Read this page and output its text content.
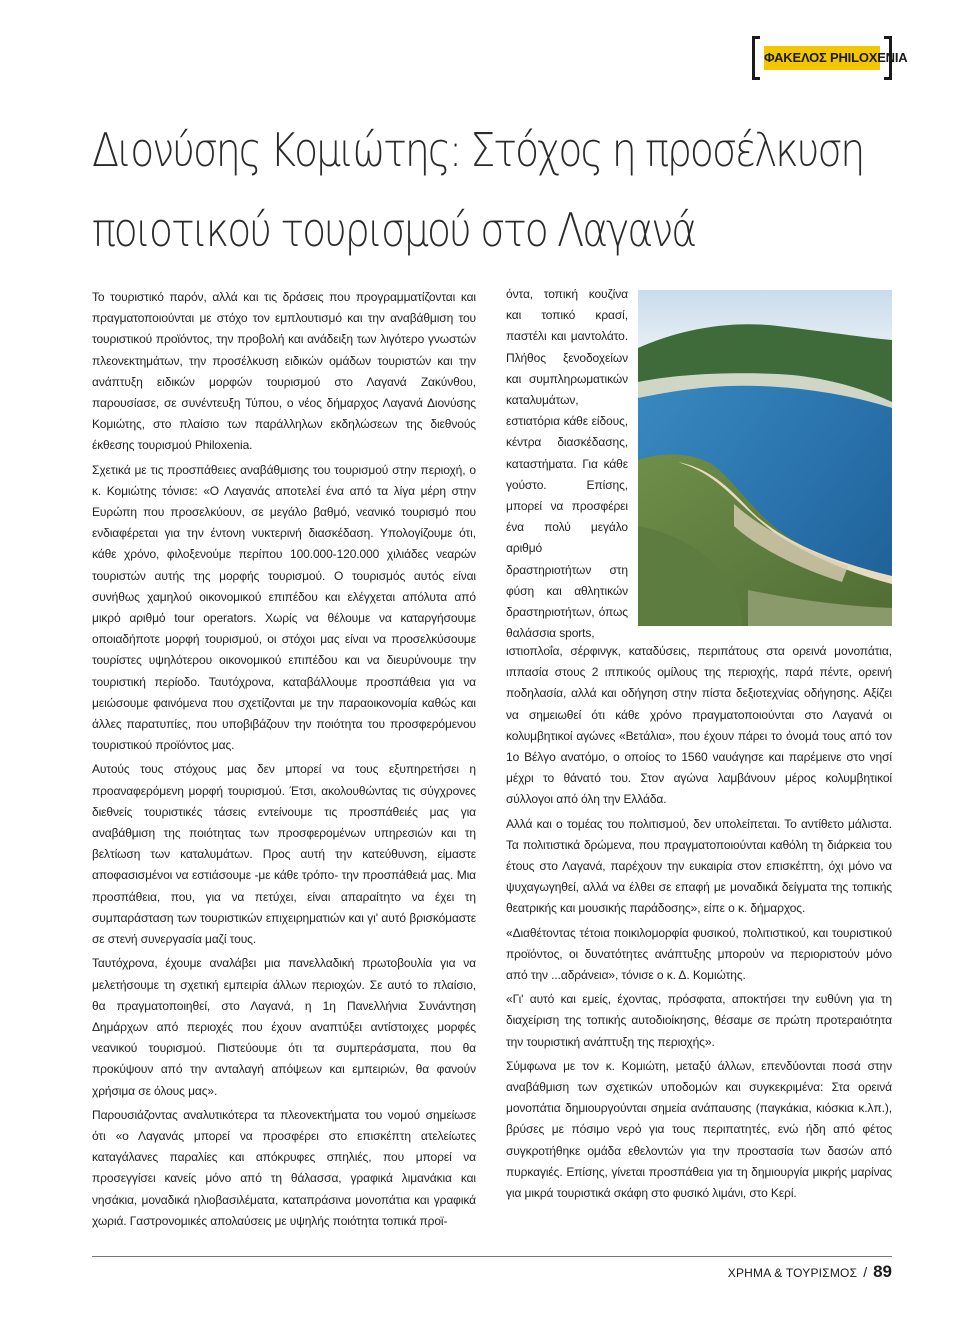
ΦΑΚΕΛΟΣ PHILOXENIA
Διονύσης Κομιώτης: Στόχος η προσέλκυση
ποιοτικού τουρισμού στο Λαγανά

Το τουριστικό παρόν, αλλά και τις δράσεις που προγραμματίζονται και πραγματοποιούνται με στόχο τον εμπλουτισμό και την αναβάθμιση του τουριστικού προϊόντος, την προβολή και ανάδειξη των λιγότερο γνωστών πλεονεκτημάτων, την προσέλκυση ειδικών ομάδων τουριστών και την ανάπτυξη ειδικών μορφών τουρισμού στο Λαγανά Ζακύνθου, παρουσίασε, σε συνέντευξη Τύπου, ο νέος δήμαρχος Λαγανά Διονύσης Κομιώτης, στο πλαίσιο των παράλληλων εκδηλώσεων της διεθνούς έκθεσης τουρισμού Philoxenia.

Σχετικά με τις προσπάθειες αναβάθμισης του τουρισμού στην περιοχή, ο κ. Κομιώτης τόνισε: «Ο Λαγανάς αποτελεί ένα από τα λίγα μέρη στην Ευρώπη που προσελκύουν, σε μεγάλο βαθμό, νεανικό τουρισμό που ενδιαφέρεται για την έντονη νυκτερινή διασκέδαση. Υπολογίζουμε ότι, κάθε χρόνο, φιλοξενούμε περίπου 100.000-120.000 χιλιάδες νεαρών τουριστών αυτής της μορφής τουρισμού. Ο τουρισμός αυτός είναι συνήθως χαμηλού οικονομικού επιπέδου και ελέγχεται απόλυτα από μικρό αριθμό tour operators. Χωρίς να θέλουμε να καταργήσουμε οποιαδήποτε μορφή τουρισμού, οι στόχοι μας είναι να προσελκύσουμε τουρίστες υψηλότερου οικονομικού επιπέδου και να διευρύνουμε την τουριστική περίοδο. Ταυτόχρονα, καταβάλλουμε προσπάθεια για να μειώσουμε φαινόμενα που σχετίζονται με την παραοικονομία καθώς και άλλες παρατυπίες, που υποβιβάζουν την ποιότητα του προσφερόμενου τουριστικού προϊόντος μας.

Αυτούς τους στόχους μας δεν μπορεί να τους εξυπηρετήσει η προαναφερόμενη μορφή τουρισμού. Έτσι, ακολουθώντας τις σύγχρονες διεθνείς τουριστικές τάσεις εντείνουμε τις προσπάθειές μας για αναβάθμιση της ποιότητας των προσφερομένων υπηρεσιών και τη βελτίωση των καταλυμάτων. Προς αυτή την κατεύθυνση, είμαστε αποφασισμένοι να εστιάσουμε -με κάθε τρόπο- την προσπάθειά μας. Μια προσπάθεια, που, για να πετύχει, είναι απαραίτητο να έχει τη συμπαράσταση των τουριστικών επιχειρηματιών και γι' αυτό βρισκόμαστε σε στενή συνεργασία μαζί τους.

Ταυτόχρονα, έχουμε αναλάβει μια πανελλαδική πρωτοβουλία για να μελετήσουμε τη σχετική εμπειρία άλλων περιοχών. Σε αυτό το πλαίσιο, θα πραγματοποιηθεί, στο Λαγανά, η 1η Πανελλήνια Συνάντηση Δημάρχων από περιοχές που έχουν αναπτύξει αντίστοιχες μορφές νεανικού τουρισμού. Πιστεύουμε ότι τα συμπεράσματα, που θα προκύψουν από την ανταλαγή απόψεων και εμπειριών, θα φανούν χρήσιμα σε όλους μας».

Παρουσιάζοντας αναλυτικότερα τα πλεονεκτήματα του νομού σημείωσε ότι «ο Λαγανάς μπορεί να προσφέρει στο επισκέπτη ατελείωτες καταγάλανες παραλίες και απόκρυφες σπηλιές, που μπορεί να προσεγγίσει κανείς μόνο από τη θάλασσα, γραφικά λιμανάκια και νησάκια, μοναδικά ηλιοβασιλέματα, καταπράσινα μονοπάτια και γραφικά χωριά. Γαστρονομικές απολαύσεις με υψηλής ποιότητα τοπικά προϊ-

όντα, τοπική κουζίνα και τοπικό κρασί, παστέλι και μαντολάτο. Πλήθος ξενοδοχείων και συμπληρωματικών καταλυμάτων, εστιατόρια κάθε είδους, κέντρα διασκέδασης, καταστήματα. Για κάθε γούστο. Επίσης, μπορεί να προσφέρει ένα πολύ μεγάλο αριθμό δραστηριοτήτων στη φύση και αθλητικών δραστηριοτήτων, όπως θαλάσσια sports,

ιστιοπλοΐα, σέρφινγκ, καταδύσεις, περιπάτους στα ορεινά μονοπάτια, ιππασία στους 2 ιππικούς ομίλους της περιοχής, παρά πέντε, ορεινή ποδηλασία, αλλά και οδήγηση στην πίστα δεξιοτεχνίας οδήγησης. Αξίζει να σημειωθεί ότι κάθε χρόνο πραγματοποιούνται στο Λαγανά οι κολυμβητικοί αγώνες «Βετάλια», που έχουν πάρει το όνομά τους από τον 1ο Βέλγο ανατόμο, ο οποίος το 1560 ναυάγησε και παρέμεινε στο νησί μέχρι το θάνατό του. Στον αγώνα λαμβάνουν μέρος κολυμβητικοί σύλλογοι από όλη την Ελλάδα.

Αλλά και ο τομέας του πολιτισμού, δεν υπολείπεται. Το αντίθετο μάλιστα. Τα πολιτιστικά δρώμενα, που πραγματοποιούνται καθόλη τη διάρκεια του έτους στο Λαγανά, παρέχουν την ευκαιρία στον επισκέπτη, όχι μόνο να ψυχαγωγηθεί, αλλά να έλθει σε επαφή με μοναδικά δείγματα της τοπικής θεατρικής και μουσικής παράδοσης», είπε ο κ. δήμαρχος.

«Διαθέτοντας τέτοια ποικιλομορφία φυσικού, πολιτιστικού, και τουριστικού προϊόντος, οι δυνατότητες ανάπτυξης μπορούν να περιοριστούν μόνο από την ...αδράνεια», τόνισε ο κ. Δ. Κομιώτης.

«Γι' αυτό και εμείς, έχοντας, πρόσφατα, αποκτήσει την ευθύνη για τη διαχείριση της τοπικής αυτοδιοίκησης, θέσαμε σε πρώτη προτεραιότητα την τουριστική ανάπτυξη της περιοχής».

Σύμφωνα με τον κ. Κομιώτη, μεταξύ άλλων, επενδύονται ποσά στην αναβάθμιση των σχετικών υποδομών και συγκεκριμένα: Στα ορεινά μονοπάτια δημιουργούνται σημεία ανάπαυσης (παγκάκια, κιόσκια κ.λπ.), βρύσες με πόσιμο νερό για τους περιπατητές, ενώ ήδη από φέτος συγκροτήθηκε ομάδα εθελοντών για την προστασία των δασών από πυρκαγιές. Επίσης, γίνεται προσπάθεια για τη δημιουργία μικρής μαρίνας για μικρά τουριστικά σκάφη στο φυσικό λιμάνι, στο Κερί.

ΧΡΗΜΑ & ΤΟΥΡΙΣΜΟΣ / 89
